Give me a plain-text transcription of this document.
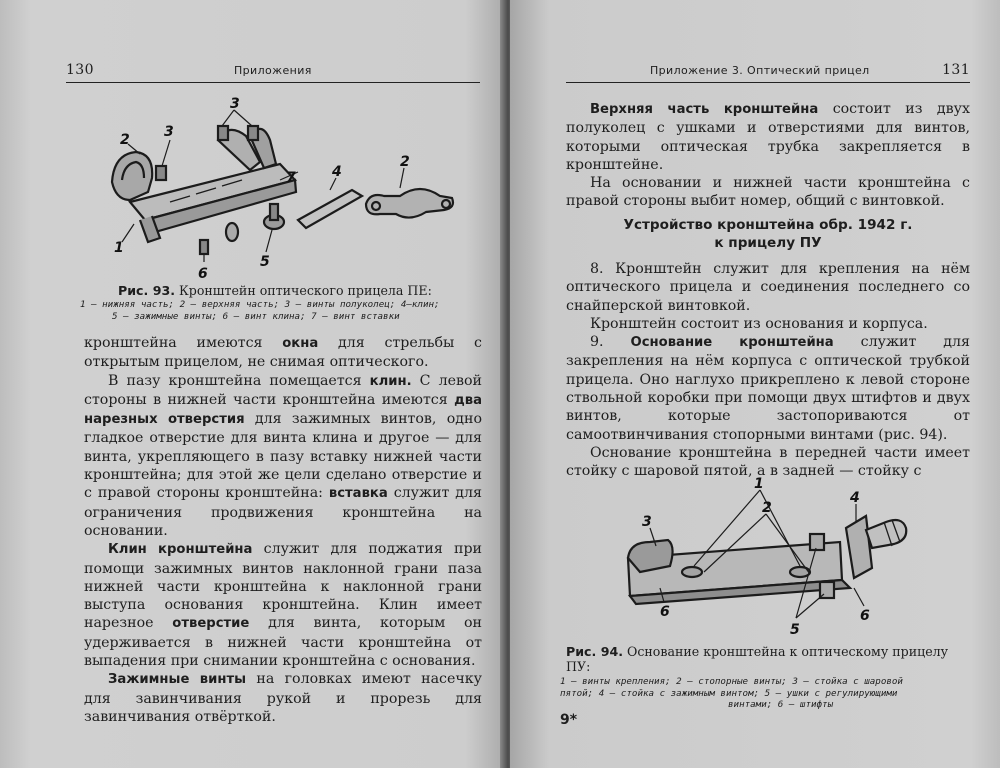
130	Приложения
2 3
3
4
2
5
6
7
1
Рис. 93. Кронштейн оптического прицела ПЕ:
1 — нижняя часть; 2 — верхняя часть; 3 — винты полуколец; 4—клин;
5 — зажимные винты; 6 — винт клина; 7 — винт вставки

кронштейна имеются окна для стрельбы с открытым прицелом, не снимая оптического.

В пазу кронштейна помещается клин. С левой стороны в нижней части кронштейна имеются два нарезных отверстия для зажимных винтов, одно гладкое отверстие для винта клина и другое — для винта, укрепляющего в пазу вставку нижней части кронштейна; для этой же цели сделано отверстие и с правой стороны кронштейна: вставка служит для ограничения продвижения кронштейна на основании.

Клин кронштейна служит для поджатия при помощи зажимных винтов наклонной грани паза нижней части кронштейна к наклонной грани выступа основания кронштейна. Клин имеет нарезное отверстие для винта, которым он удерживается в нижней части кронштейна от выпадения при снимании кронштейна с основания.

Зажимные винты на головках имеют насечку для завинчивания рукой и прорезь для завинчивания отвёрткой.

Приложение 3. Оптический прицел	131

Верхняя часть кронштейна состоит из двух полуколец с ушками и отверстиями для винтов, которыми оптическая трубка закрепляется в кронштейне.

На основании и нижней части кронштейна с правой стороны выбит номер, общий с винтовкой.

Устройство кронштейна обр. 1942 г.
к прицелу ПУ

8. Кронштейн служит для крепления на нём оптического прицела и соединения последнего со снайперской винтовкой.

Кронштейн состоит из основания и корпуса.

9. Основание кронштейна служит для закрепления на нём корпуса с оптической трубкой прицела. Оно наглухо прикреплено к левой стороне ствольной коробки при помощи двух штифтов и двух винтов, которые застопориваются от самоотвинчивания стопорными винтами (рис. 94).

Основание кронштейна в передней части имеет стойку с шаровой пятой, а в задней — стойку с

1
2
3
4
5
6	6
Рис. 94. Основание кронштейна к оптическому прицелу ПУ:
1 — винты крепления; 2 — стопорные винты; 3 — стойка с шаровой
пятой; 4 — стойка с зажимным винтом; 5 — ушки с регулирующими
винтами; 6 — штифты
9*
